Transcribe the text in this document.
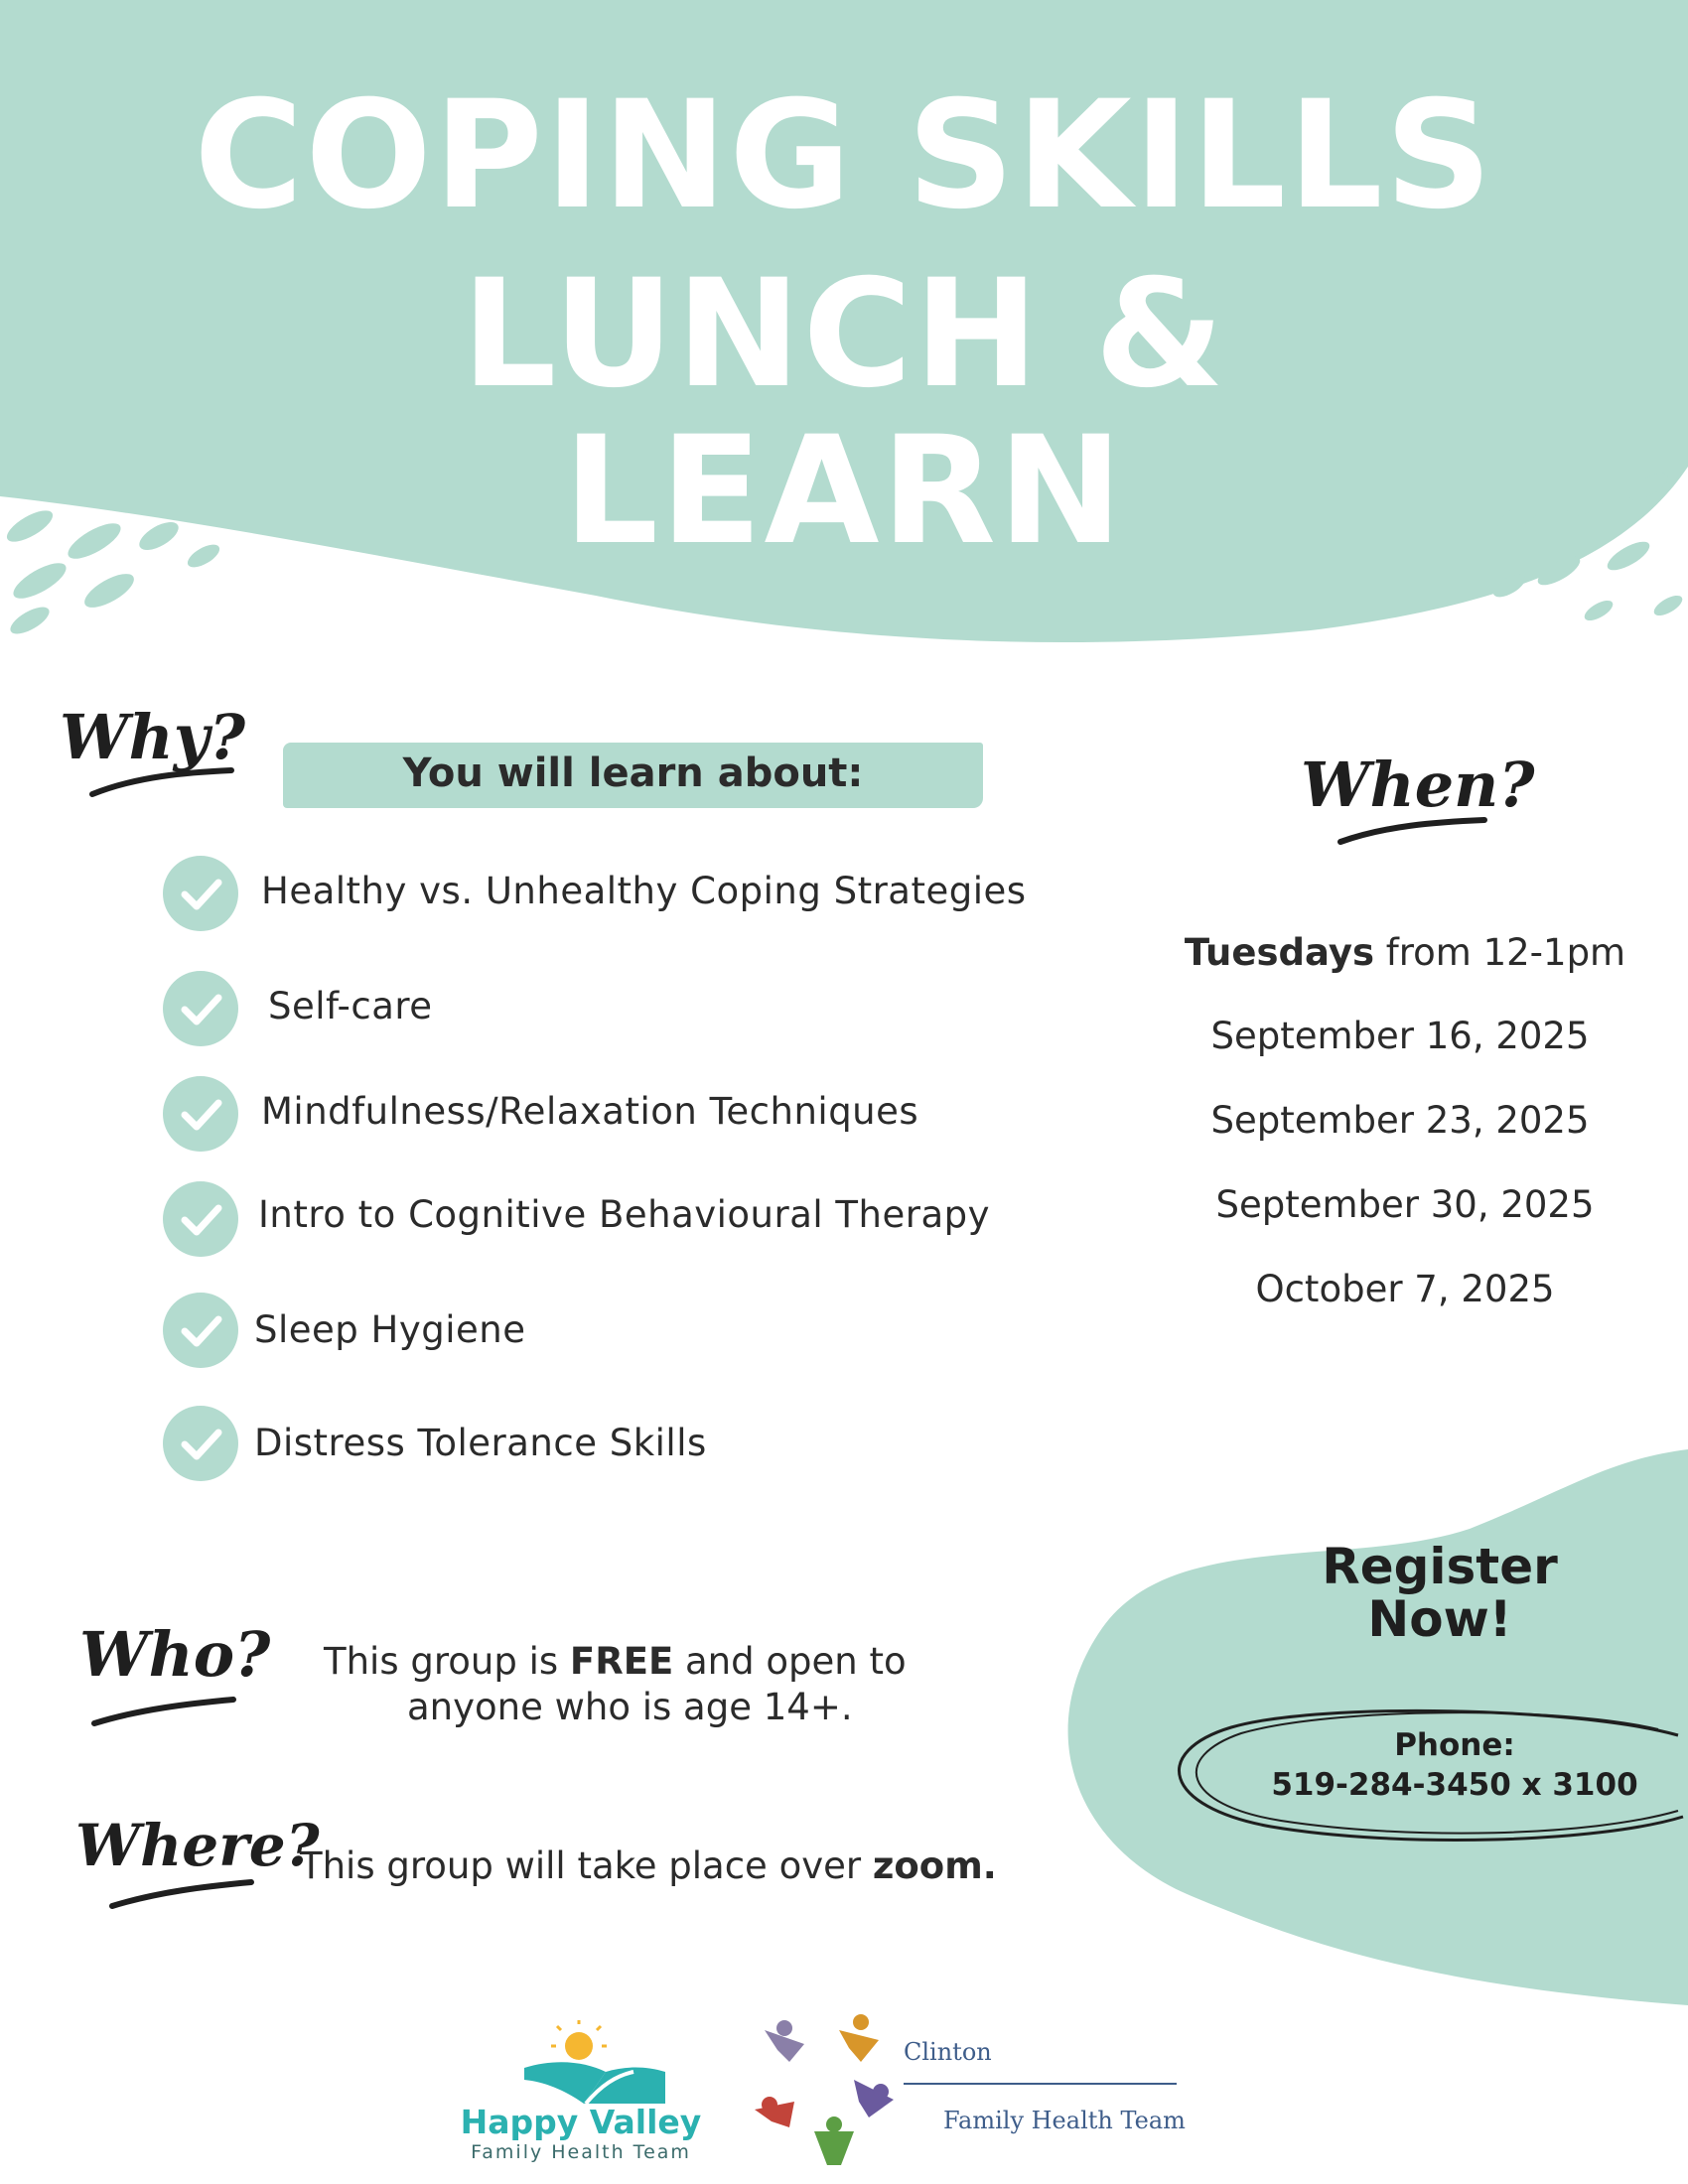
COPING SKILLS
LUNCH &
LEARN
Why?	You will learn about:
Healthy vs. Unhealthy Coping Strategies
Self-care
Mindfulness/Relaxation Techniques
Intro to Cognitive Behavioural Therapy
Sleep Hygiene
Distress Tolerance Skills
When?
Tuesdays from 12-1pm
September 16, 2025
September 23, 2025
September 30, 2025
October 7, 2025
Register
Now!
Phone:
519-284-3450 x 3100
Who? This group is FREE and open to
anyone who is age 14+.
Where?
This group will take place over zoom.
Happy Valley
Family Health Team
Clinton
Family Health Team
